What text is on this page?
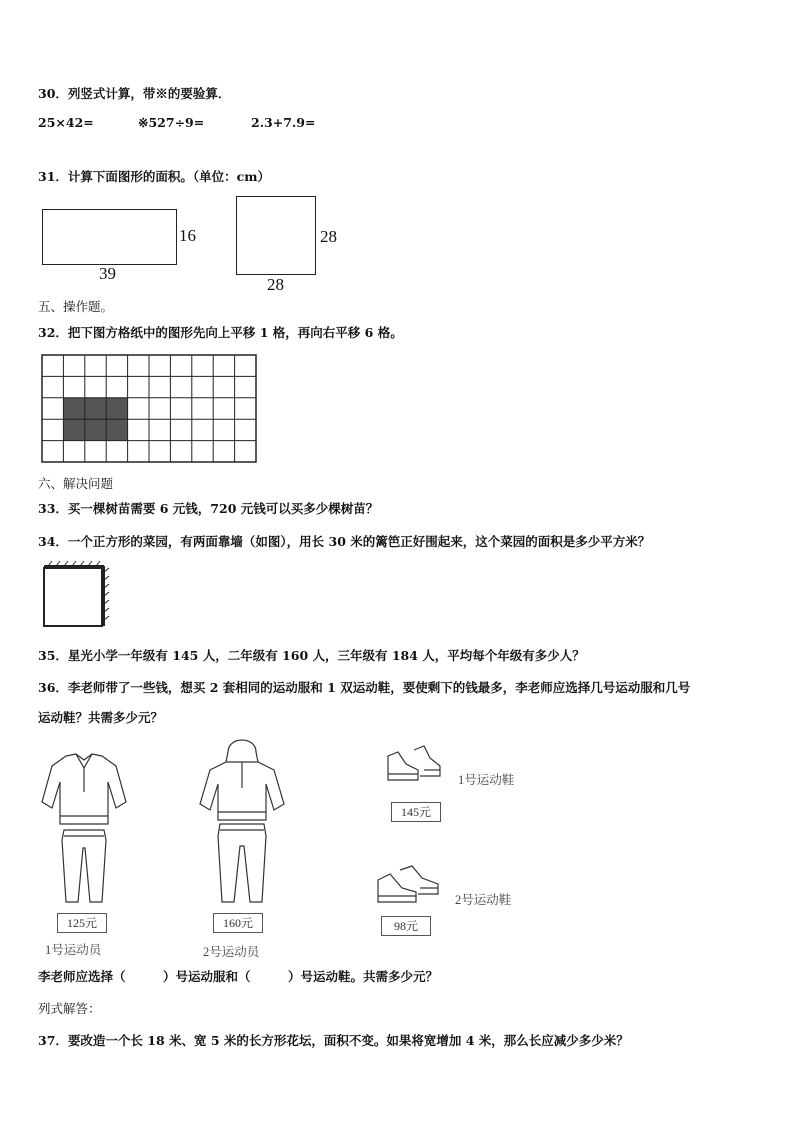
30．列竖式计算，带※的要验算．
25×42=	※527÷9=	2.3+7.9=
31．计算下面图形的面积。（单位：cm）
16
39
28
28
五、操作题。
32．把下图方格纸中的图形先向上平移 1 格，再向右平移 6 格。
六、解决问题
33．买一棵树苗需要 6 元钱，720 元钱可以买多少棵树苗？
34．一个正方形的菜园，有两面靠墙（如图），用长 30 米的篱笆正好围起来，这个菜园的面积是多少平方米？
35．星光小学一年级有 145 人，二年级有 160 人，三年级有 184 人，平均每个年级有多少人？
36．李老师带了一些钱，想买 2 套相同的运动服和 1 双运动鞋，要使剩下的钱最多，李老师应选择几号运动服和几号
运动鞋？共需多少元？
125元
1号运动员
160元
2号运动员
145元
1号运动鞋
98元
2号运动鞋
李老师应选择（　　　）号运动服和（　　　）号运动鞋。共需多少元？
列式解答：
37．要改造一个长 18 米、宽 5 米的长方形花坛，面积不变。如果将宽增加 4 米，那么长应减少多少米？
